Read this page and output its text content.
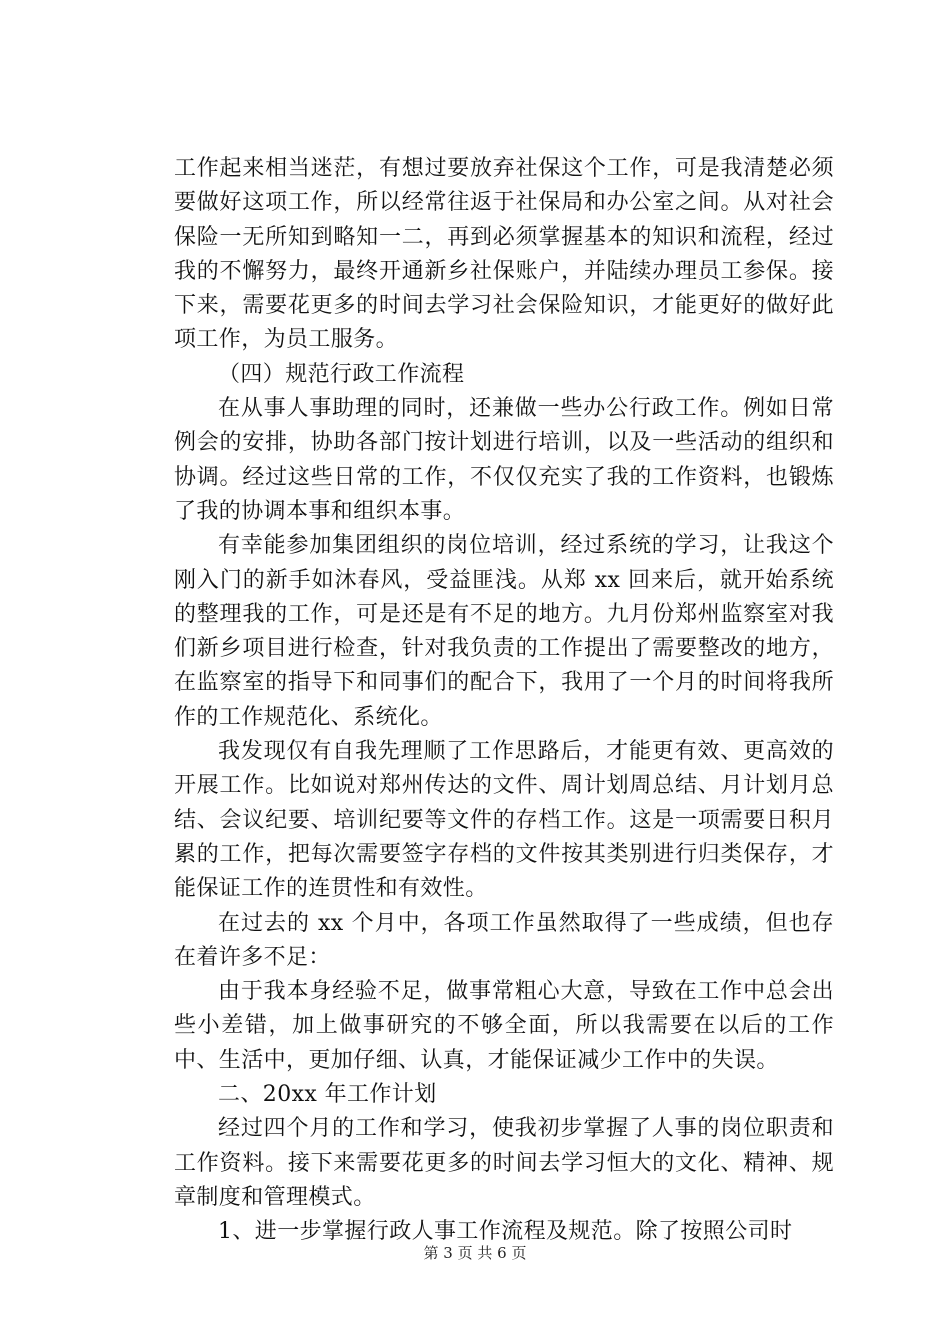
工作起来相当迷茫，有想过要放弃社保这个工作，可是我清楚必须要做好这项工作，所以经常往返于社保局和办公室之间。从对社会保险一无所知到略知一二，再到必须掌握基本的知识和流程，经过我的不懈努力，最终开通新乡社保账户，并陆续办理员工参保。接下来，需要花更多的时间去学习社会保险知识，才能更好的做好此项工作，为员工服务。

（四）规范行政工作流程

在从事人事助理的同时，还兼做一些办公行政工作。例如日常例会的安排，协助各部门按计划进行培训，以及一些活动的组织和协调。经过这些日常的工作，不仅仅充实了我的工作资料，也锻炼了我的协调本事和组织本事。

有幸能参加集团组织的岗位培训，经过系统的学习，让我这个刚入门的新手如沐春风，受益匪浅。从郑 xx 回来后，就开始系统的整理我的工作，可是还是有不足的地方。九月份郑州监察室对我们新乡项目进行检查，针对我负责的工作提出了需要整改的地方，在监察室的指导下和同事们的配合下，我用了一个月的时间将我所作的工作规范化、系统化。

我发现仅有自我先理顺了工作思路后，才能更有效、更高效的开展工作。比如说对郑州传达的文件、周计划周总结、月计划月总结、会议纪要、培训纪要等文件的存档工作。这是一项需要日积月累的工作，把每次需要签字存档的文件按其类别进行归类保存，才能保证工作的连贯性和有效性。

在过去的 xx 个月中，各项工作虽然取得了一些成绩，但也存在着许多不足：

由于我本身经验不足，做事常粗心大意，导致在工作中总会出些小差错，加上做事研究的不够全面，所以我需要在以后的工作中、生活中，更加仔细、认真，才能保证减少工作中的失误。

二、20xx 年工作计划

经过四个月的工作和学习，使我初步掌握了人事的岗位职责和工作资料。接下来需要花更多的时间去学习恒大的文化、精神、规章制度和管理模式。

1、进一步掌握行政人事工作流程及规范。除了按照公司时

第 3 页 共 6 页
